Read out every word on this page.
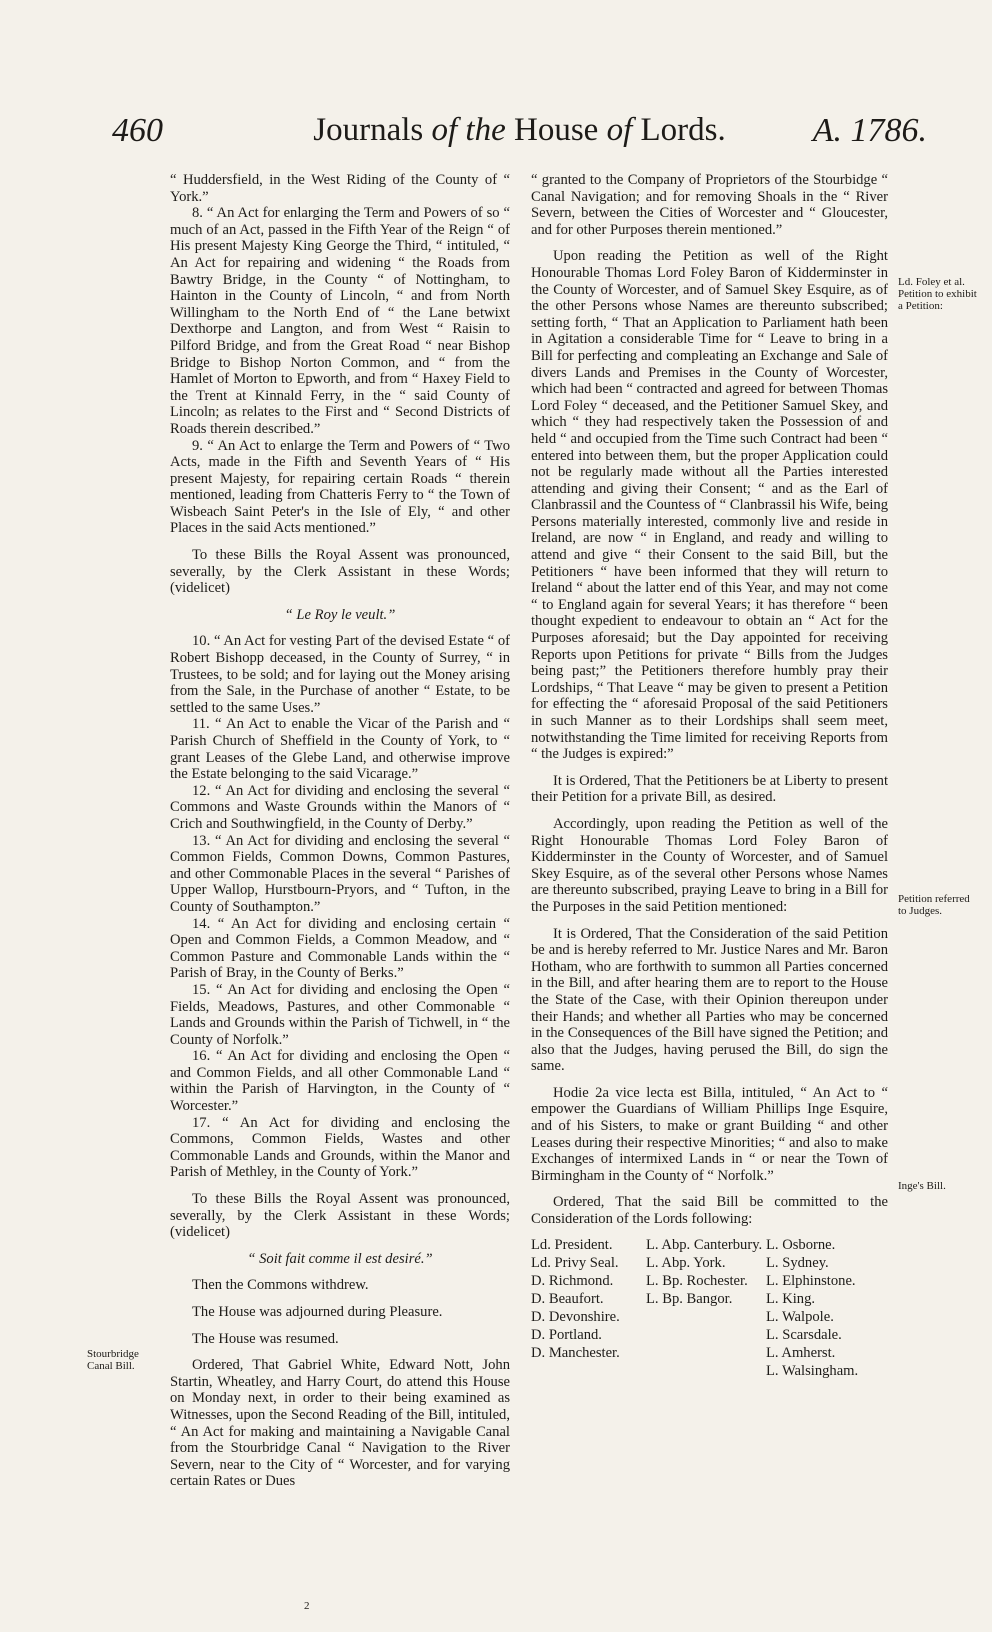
460	Journals of the House of Lords.	A. 1786.

“ Huddersfield, in the West Riding of the County of “ York.”

8. “ An Act for enlarging the Term and Powers of so “ much of an Act, passed in the Fifth Year of the Reign “ of His present Majesty King George the Third, “ intituled, “ An Act for repairing and widening “ the Roads from Bawtry Bridge, in the County “ of Nottingham, to Hainton in the County of Lincoln, “ and from North Willingham to the North End of “ the Lane betwixt Dexthorpe and Langton, and from West “ Raisin to Pilford Bridge, and from the Great Road “ near Bishop Bridge to Bishop Norton Common, and “ from the Hamlet of Morton to Epworth, and from “ Haxey Field to the Trent at Kinnald Ferry, in the “ said County of Lincoln; as relates to the First and “ Second Districts of Roads therein described.”

9. “ An Act to enlarge the Term and Powers of “ Two Acts, made in the Fifth and Seventh Years of “ His present Majesty, for repairing certain Roads “ therein mentioned, leading from Chatteris Ferry to “ the Town of Wisbeach Saint Peter's in the Isle of Ely, “ and other Places in the said Acts mentioned.”

To these Bills the Royal Assent was pronounced, severally, by the Clerk Assistant in these Words; (videlicet)

“ Le Roy le veult.”

10. “ An Act for vesting Part of the devised Estate “ of Robert Bishopp deceased, in the County of Surrey, “ in Trustees, to be sold; and for laying out the Money arising from the Sale, in the Purchase of another “ Estate, to be settled to the same Uses.”

11. “ An Act to enable the Vicar of the Parish and “ Parish Church of Sheffield in the County of York, to “ grant Leases of the Glebe Land, and otherwise improve the Estate belonging to the said Vicarage.”

12. “ An Act for dividing and enclosing the several “ Commons and Waste Grounds within the Manors of “ Crich and Southwingfield, in the County of Derby.”

13. “ An Act for dividing and enclosing the several “ Common Fields, Common Downs, Common Pastures, and other Commonable Places in the several “ Parishes of Upper Wallop, Hurstbourn-Pryors, and “ Tufton, in the County of Southampton.”

14. “ An Act for dividing and enclosing certain “ Open and Common Fields, a Common Meadow, and “ Common Pasture and Commonable Lands within the “ Parish of Bray, in the County of Berks.”

15. “ An Act for dividing and enclosing the Open “ Fields, Meadows, Pastures, and other Commonable “ Lands and Grounds within the Parish of Tichwell, in “ the County of Norfolk.”

16. “ An Act for dividing and enclosing the Open “ and Common Fields, and all other Commonable Land “ within the Parish of Harvington, in the County of “ Worcester.”

17. “ An Act for dividing and enclosing the Commons, Common Fields, Wastes and other Commonable Lands and Grounds, within the Manor and Parish of Methley, in the County of York.”

To these Bills the Royal Assent was pronounced, severally, by the Clerk Assistant in these Words; (videlicet)

“ Soit fait comme il est desiré.”

Then the Commons withdrew.

The House was adjourned during Pleasure.

The House was resumed.

Ordered, That Gabriel White, Edward Nott, John Startin, Wheatley, and Harry Court, do attend this House on Monday next, in order to their being examined as Witnesses, upon the Second Reading of the Bill, intituled, “ An Act for making and maintaining a Navigable Canal from the Stourbridge Canal “ Navigation to the River Severn, near to the City of “ Worcester, and for varying certain Rates or Dues

“ granted to the Company of Proprietors of the Stourbidge “ Canal Navigation; and for removing Shoals in the “ River Severn, between the Cities of Worcester and “ Gloucester, and for other Purposes therein mentioned.”

Upon reading the Petition as well of the Right Honourable Thomas Lord Foley Baron of Kidderminster in the County of Worcester, and of Samuel Skey Esquire, as of the other Persons whose Names are thereunto subscribed; setting forth, “ That an Application to Parliament hath been in Agitation a considerable Time for “ Leave to bring in a Bill for perfecting and compleating an Exchange and Sale of divers Lands and Premises in the County of Worcester, which had been “ contracted and agreed for between Thomas Lord Foley “ deceased, and the Petitioner Samuel Skey, and which “ they had respectively taken the Possession of and held “ and occupied from the Time such Contract had been “ entered into between them, but the proper Application could not be regularly made without all the Parties interested attending and giving their Consent; “ and as the Earl of Clanbrassil and the Countess of “ Clanbrassil his Wife, being Persons materially interested, commonly live and reside in Ireland, are now “ in England, and ready and willing to attend and give “ their Consent to the said Bill, but the Petitioners “ have been informed that they will return to Ireland “ about the latter end of this Year, and may not come “ to England again for several Years; it has therefore “ been thought expedient to endeavour to obtain an “ Act for the Purposes aforesaid; but the Day appointed for receiving Reports upon Petitions for private “ Bills from the Judges being past;” the Petitioners therefore humbly pray their Lordships, “ That Leave “ may be given to present a Petition for effecting the “ aforesaid Proposal of the said Petitioners in such Manner as to their Lordships shall seem meet, notwithstanding the Time limited for receiving Reports from “ the Judges is expired:”

It is Ordered, That the Petitioners be at Liberty to present their Petition for a private Bill, as desired.

Accordingly, upon reading the Petition as well of the Right Honourable Thomas Lord Foley Baron of Kidderminster in the County of Worcester, and of Samuel Skey Esquire, as of the several other Persons whose Names are thereunto subscribed, praying Leave to bring in a Bill for the Purposes in the said Petition mentioned:

It is Ordered, That the Consideration of the said Petition be and is hereby referred to Mr. Justice Nares and Mr. Baron Hotham, who are forthwith to summon all Parties concerned in the Bill, and after hearing them are to report to the House the State of the Case, with their Opinion thereupon under their Hands; and whether all Parties who may be concerned in the Consequences of the Bill have signed the Petition; and also that the Judges, having perused the Bill, do sign the same.

Hodie 2a vice lecta est Billa, intituled, “ An Act to “ empower the Guardians of William Phillips Inge Esquire, and of his Sisters, to make or grant Building “ and other Leases during their respective Minorities; “ and also to make Exchanges of intermixed Lands in “ or near the Town of Birmingham in the County of “ Norfolk.”

Ordered, That the said Bill be committed to the Consideration of the Lords following:

Ld. President.
Ld. Privy Seal.
D. Richmond.
D. Beaufort.
D. Devonshire.
D. Portland.
D. Manchester.
L. Abp. Canterbury.
L. Abp. York.
L. Bp. Rochester.
L. Bp. Bangor.
L. Osborne.
L. Sydney.
L. Elphinstone.
L. King.
L. Walpole.
L. Scarsdale.
L. Amherst.
L. Walsingham.
Stourbridge Canal Bill.
Ld. Foley et al. Petition to exhibit a Petition:
Petition referred to Judges.
Inge's Bill.
2
